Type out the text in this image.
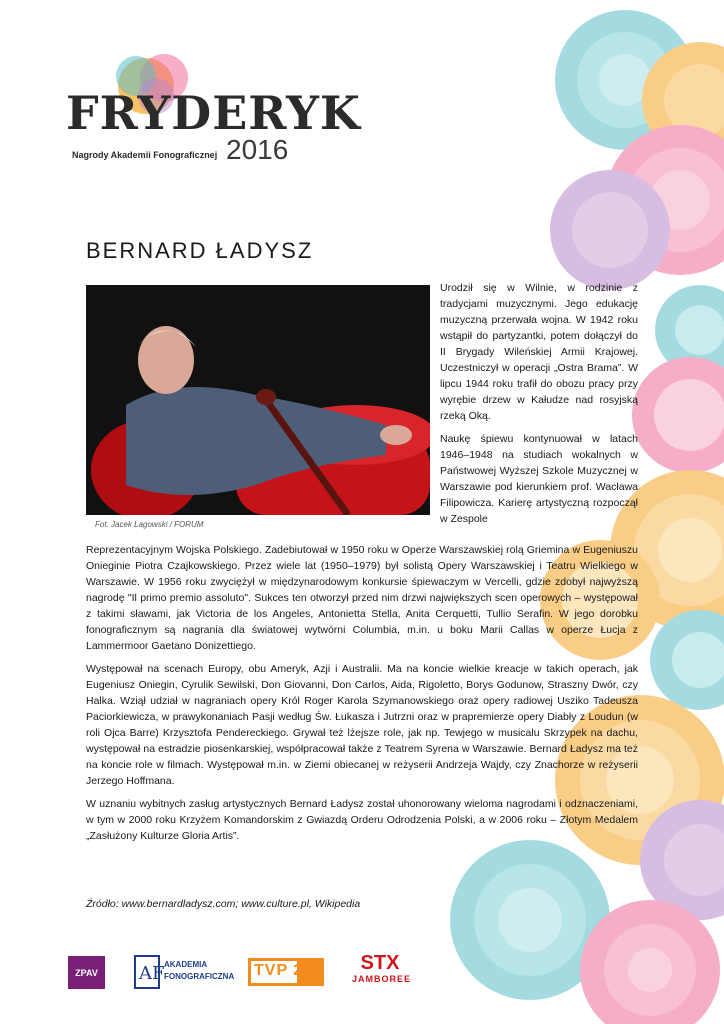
FRYDERYK
Nagrody Akademii Fonograficznej 2016
BERNARD ŁADYSZ
Fot. Jacek Lagowski / FORUM

Urodził się w Wilnie, w rodzinie z tradycjami muzycznymi. Jego edukację muzyczną przerwała wojna. W 1942 roku wstąpił do partyzantki, potem dołączył do II Brygady Wileńskiej Armii Krajowej. Uczestniczył w operacji „Ostra Brama”. W lipcu 1944 roku trafił do obozu pracy przy wyrębie drzew w Kałudze nad rosyjską rzeką Oką.

Naukę śpiewu kontynuował w latach 1946–1948 na studiach wokalnych w Państwowej Wyższej Szkole Muzycznej w Warszawie pod kierunkiem prof. Wacława Filipowicza. Karierę artystyczną rozpoczął w Zespole

Reprezentacyjnym Wojska Polskiego. Zadebiutował w 1950 roku w Operze Warszawskiej rolą Griemina w Eugeniuszu Onieginie Piotra Czajkowskiego. Przez wiele lat (1950–1979) był solistą Opery Warszawskiej i Teatru Wielkiego w Warszawie. W 1956 roku zwyciężył w międzynarodowym konkursie śpiewaczym w Vercelli, gdzie zdobył najwyższą nagrodę "Il primo premio assoluto". Sukces ten otworzył przed nim drzwi największych scen operowych – występował z takimi sławami, jak Victoria de los Angeles, Antonietta Stella, Anita Cerquetti, Tullio Serafin. W jego dorobku fonograficznym są nagrania dla światowej wytwórni Columbia, m.in. u boku Marii Callas w operze Łucja z Lammermoor Gaetano Donizettiego.

Występował na scenach Europy, obu Ameryk, Azji i Australii. Ma na koncie wielkie kreacje w takich operach, jak Eugeniusz Oniegin, Cyrulik Sewilski, Don Giovanni, Don Carlos, Aida, Rigoletto, Borys Godunow, Straszny Dwór, czy Halka. Wziął udział w nagraniach opery Król Roger Karola Szymanowskiego oraz opery radiowej Usziko Tadeusza Paciorkiewicza, w prawykonaniach Pasji według Św. Łukasza i Jutrzni oraz w prapremierze opery Diabły z Loudun (w roli Ojca Barre) Krzysztofa Pendereckiego. Grywał też lżejsze role, jak np. Tewjego w musicalu Skrzypek na dachu, występował na estradzie piosenkarskiej, współpracował także z Teatrem Syrena w Warszawie. Bernard Ładysz ma też na koncie role w filmach. Występował m.in. w Ziemi obiecanej w reżyserii Andrzeja Wajdy, czy Znachorze w reżyserii Jerzego Hoffmana.

W uznaniu wybitnych zasług artystycznych Bernard Ładysz został uhonorowany wieloma nagrodami i odznaczeniami, w tym w 2000 roku Krzyżem Komandorskim z Gwiazdą Orderu Odrodzenia Polski, a w 2006 roku – Złotym Medalem „Zasłużony Kulturze Gloria Artis”.

Źródło: www.bernardladysz.com; www.culture.pl, Wikipedia
ZPAV AF AKADEMIA FONOGRAFICZNA TVP 2	STX
JAMBOREE
